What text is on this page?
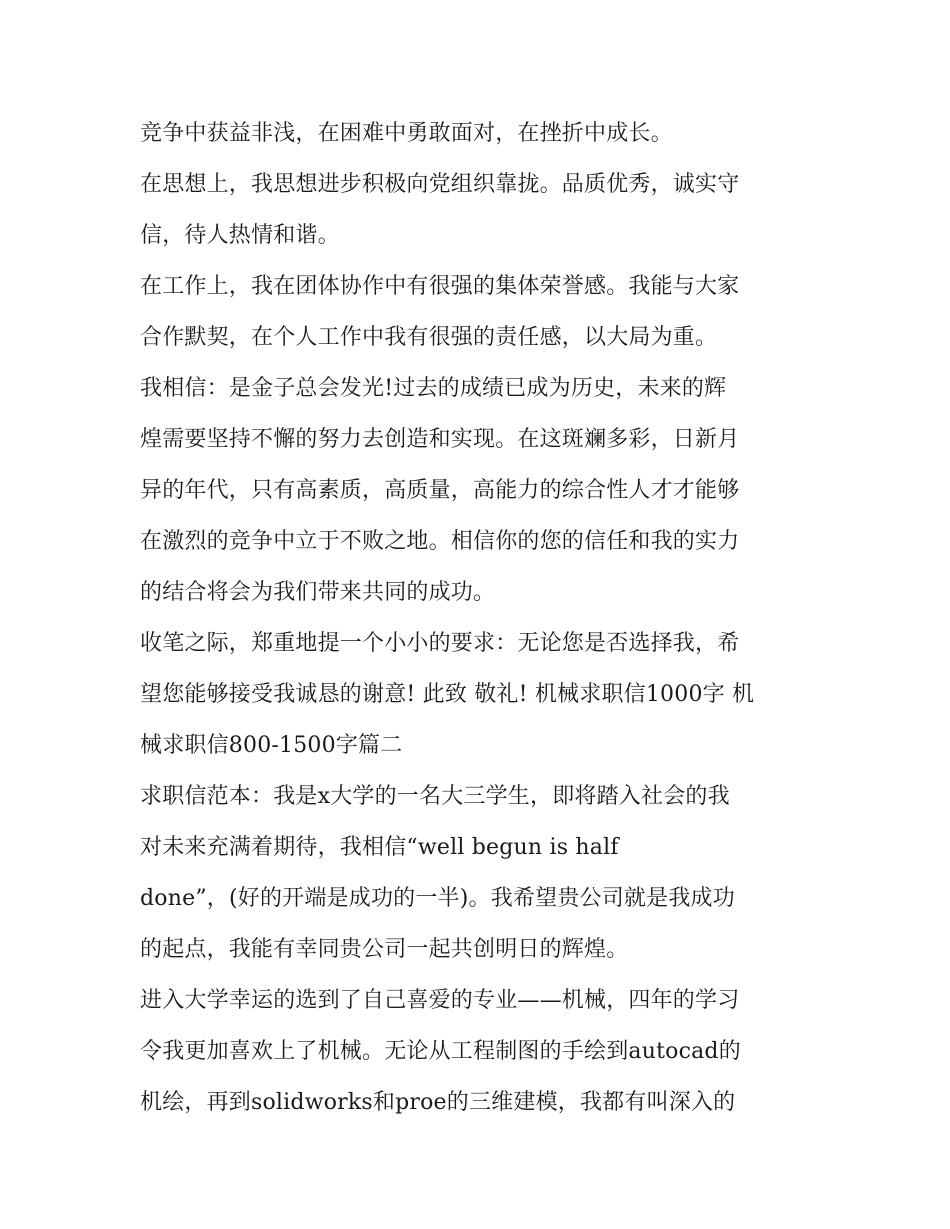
竞争中获益非浅，在困难中勇敢面对，在挫折中成长。
在思想上，我思想进步积极向党组织靠拢。品质优秀，诚实守
信，待人热情和谐。
在工作上，我在团体协作中有很强的集体荣誉感。我能与大家
合作默契，在个人工作中我有很强的责任感，以大局为重。
我相信：是金子总会发光!过去的成绩已成为历史，未来的辉
煌需要坚持不懈的努力去创造和实现。在这斑斓多彩，日新月
异的年代，只有高素质，高质量，高能力的综合性人才才能够
在激烈的竞争中立于不败之地。相信你的您的信任和我的实力
的结合将会为我们带来共同的成功。
收笔之际，郑重地提一个小小的要求：无论您是否选择我，希
望您能够接受我诚恳的谢意! 此致 敬礼! 机械求职信1000字 机
械求职信800-1500字篇二
求职信范本：我是x大学的一名大三学生，即将踏入社会的我
对未来充满着期待，我相信“well begun is half
done”，(好的开端是成功的一半)。我希望贵公司就是我成功
的起点，我能有幸同贵公司一起共创明日的辉煌。
进入大学幸运的选到了自己喜爱的专业——机械，四年的学习
令我更加喜欢上了机械。无论从工程制图的手绘到autocad的
机绘，再到solidworks和proe的三维建模，我都有叫深入的
